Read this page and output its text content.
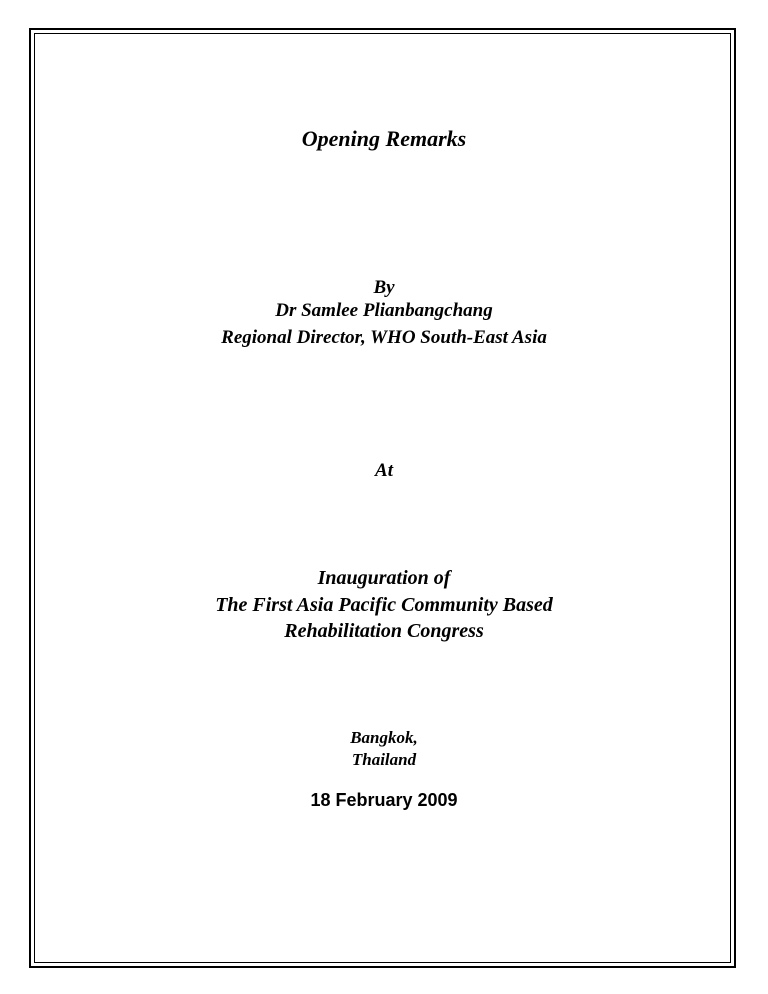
Opening Remarks
By
Dr Samlee Plianbangchang
Regional Director, WHO South-East Asia
At
Inauguration of
The First Asia Pacific Community Based
Rehabilitation Congress
Bangkok,
Thailand
18 February 2009
